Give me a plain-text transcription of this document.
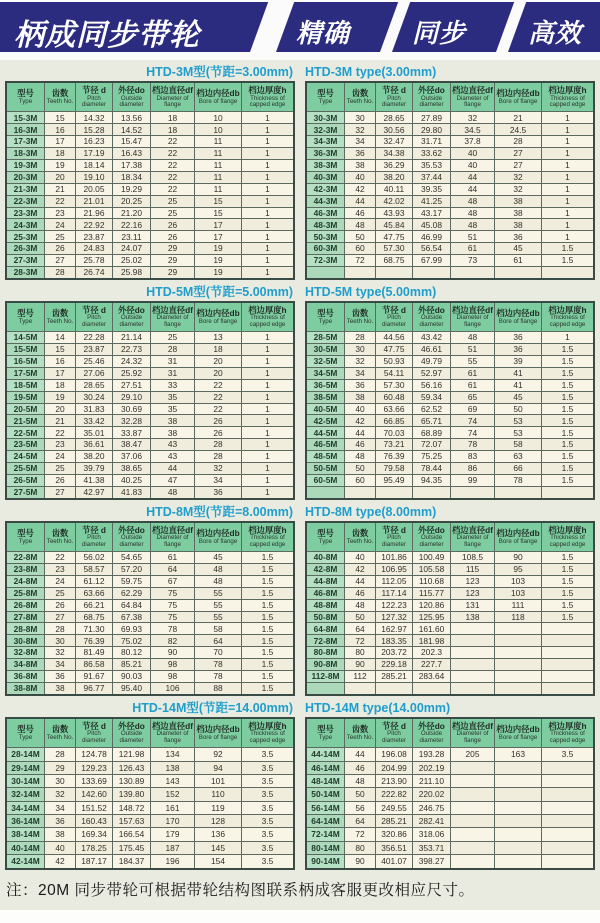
柄成同步带轮	精确 同步 高效
HTD-3M型(节距=3.00mm) HTD-3M type(3.00mm)
型号
Type

齿数
Teeth No.

节径 d
Pitch diameter

外径do
Outside diameter

档边直径df
Diameter of flange

档边内径db
Bore of flange

档边厚度h
Thickness of capped edge

15-3M	15	14.32	13.56	18	10	1
16-3M	16	15.28	14.52	18	10	1
17-3M	17	16.23	15.47	22	11	1
18-3M	18	17.19	16.43	22	11	1
19-3M	19	18.14	17.38	22	11	1
20-3M	20	19.10	18.34	22	11	1
21-3M	21	20.05	19.29	22	11	1
22-3M	22	21.01	20.25	25	15	1
23-3M	23	21.96	21.20	25	15	1
24-3M	24	22.92	22.16	26	17	1
25-3M	25	23.87	23.11	26	17	1
26-3M	26	24.83	24.07	29	19	1
27-3M	27	25.78	25.02	29	19	1
28-3M	28	26.74	25.98	29	19	1
型号
Type

齿数
Teeth No.

节径 d
Pitch diameter

外径do
Outside diameter

档边直径df
Diameter of flange

档边内径db
Bore of flange

档边厚度h
Thickness of capped edge

30-3M	30	28.65	27.89	32	21	1
32-3M	32	30.56	29.80	34.5	24.5	1
34-3M	34	32.47	31.71	37.8	28	1
36-3M	36	34.38	33.62	40	27	1
38-3M	38	36.29	35.53	40	27	1
40-3M	40	38.20	37.44	44	32	1
42-3M	42	40.11	39.35	44	32	1
44-3M	44	42.02	41.25	48	38	1
46-3M	46	43.93	43.17	48	38	1
48-3M	48	45.84	45.08	48	38	1
50-3M	50	47.75	46.99	51	36	1
60-3M	60	57.30	56.54	61	45	1.5
72-3M	72	68.75	67.99	73	61	1.5

HTD-5M型(节距=5.00mm) HTD-5M type(5.00mm)
型号
Type

齿数
Teeth No.

节径 d
Pitch diameter

外径do
Outside diameter

档边直径df
Diameter of flange

档边内径db
Bore of flange

档边厚度h
Thickness of capped edge

14-5M	14	22.28	21.14	25	13	1
15-5M	15	23.87	22.73	28	18	1
16-5M	16	25.46	24.32	31	20	1
17-5M	17	27.06	25.92	31	20	1
18-5M	18	28.65	27.51	33	22	1
19-5M	19	30.24	29.10	35	22	1
20-5M	20	31.83	30.69	35	22	1
21-5M	21	33.42	32.28	38	26	1
22-5M	22	35.01	33.87	38	26	1
23-5M	23	36.61	38.47	43	28	1
24-5M	24	38.20	37.06	43	28	1
25-5M	25	39.79	38.65	44	32	1
26-5M	26	41.38	40.25	47	34	1
27-5M	27	42.97	41.83	48	36	1
型号
Type

齿数
Teeth No.

节径 d
Pitch diameter

外径do
Outside diameter

档边直径df
Diameter of flange

档边内径db
Bore of flange

档边厚度h
Thickness of capped edge

28-5M	28	44.56	43.42	48	36	1
30-5M	30	47.75	46.61	51	36	1.5
32-5M	32	50.93	49.79	55	39	1.5
34-5M	34	54.11	52.97	61	41	1.5
36-5M	36	57.30	56.16	61	41	1.5
38-5M	38	60.48	59.34	65	45	1.5
40-5M	40	63.66	62.52	69	50	1.5
42-5M	42	66.85	65.71	74	53	1.5
44-5M	44	70.03	68.89	74	53	1.5
46-5M	46	73.21	72.07	78	58	1.5
48-5M	48	76.39	75.25	83	63	1.5
50-5M	50	79.58	78.44	86	66	1.5
60-5M	60	95.49	94.35	99	78	1.5

HTD-8M型(节距=8.00mm) HTD-8M type(8.00mm)
型号
Type

齿数
Teeth No.

节径 d
Pitch diameter

外径do
Outside diameter

档边直径df
Diameter of flange

档边内径db
Bore of flange

档边厚度h
Thickness of capped edge

22-8M	22	56.02	54.65	61	45	1.5
23-8M	23	58.57	57.20	64	48	1.5
24-8M	24	61.12	59.75	67	48	1.5
25-8M	25	63.66	62.29	75	55	1.5
26-8M	26	66.21	64.84	75	55	1.5
27-8M	27	68.75	67.38	75	55	1.5
28-8M	28	71.30	69.93	78	58	1.5
30-8M	30	76.39	75.02	82	64	1.5
32-8M	32	81.49	80.12	90	70	1.5
34-8M	34	86.58	85.21	98	78	1.5
36-8M	36	91.67	90.03	98	78	1.5
38-8M	38	96.77	95.40	106	88	1.5
型号
Type

齿数
Teeth No.

节径 d
Pitch diameter

外径do
Outside diameter

档边直径df
Diameter of flange

档边内径db
Bore of flange

档边厚度h
Thickness of capped edge

40-8M	40	101.86	100.49	108.5	90	1.5
42-8M	42	106.95	105.58	115	95	1.5
44-8M	44	112.05	110.68	123	103	1.5
46-8M	46	117.14	115.77	123	103	1.5
48-8M	48	122.23	120.86	131	111	1.5
50-8M	50	127.32	125.95	138	118	1.5
64-8M	64	162.97	161.60			
72-8M	72	183.35	181.98			
80-8M	80	203.72	202.3			
90-8M	90	229.18	227.7			
112-8M	112	285.21	283.64			

HTD-14M型(节距=14.00mm) HTD-14M type(14.00mm)
型号
Type

齿数
Teeth No.

节径 d
Pitch diameter

外径do
Outside diameter

档边直径df
Diameter of flange

档边内径db
Bore of flange

档边厚度h
Thickness of capped edge

28-14M	28	124.78	121.98	134	92	3.5
29-14M	29	129.23	126.43	138	94	3.5
30-14M	30	133.69	130.89	143	101	3.5
32-14M	32	142.60	139.80	152	110	3.5
34-14M	34	151.52	148.72	161	119	3.5
36-14M	36	160.43	157.63	170	128	3.5
38-14M	38	169.34	166.54	179	136	3.5
40-14M	40	178.25	175.45	187	145	3.5
42-14M	42	187.17	184.37	196	154	3.5
型号
Type

齿数
Teeth No.

节径 d
Pitch diameter

外径do
Outside diameter

档边直径df
Diameter of flange

档边内径db
Bore of flange

档边厚度h
Thickness of capped edge

44-14M	44	196.08	193.28	205	163	3.5
46-14M	46	204.99	202.19			
48-14M	48	213.90	211.10			
50-14M	50	222.82	220.02			
56-14M	56	249.55	246.75			
64-14M	64	285.21	282.41			
72-14M	72	320.86	318.06			
80-14M	80	356.51	353.71			
90-14M	90	401.07	398.27			
注：20M 同步带轮可根据带轮结构图联系柄成客服更改相应尺寸。
